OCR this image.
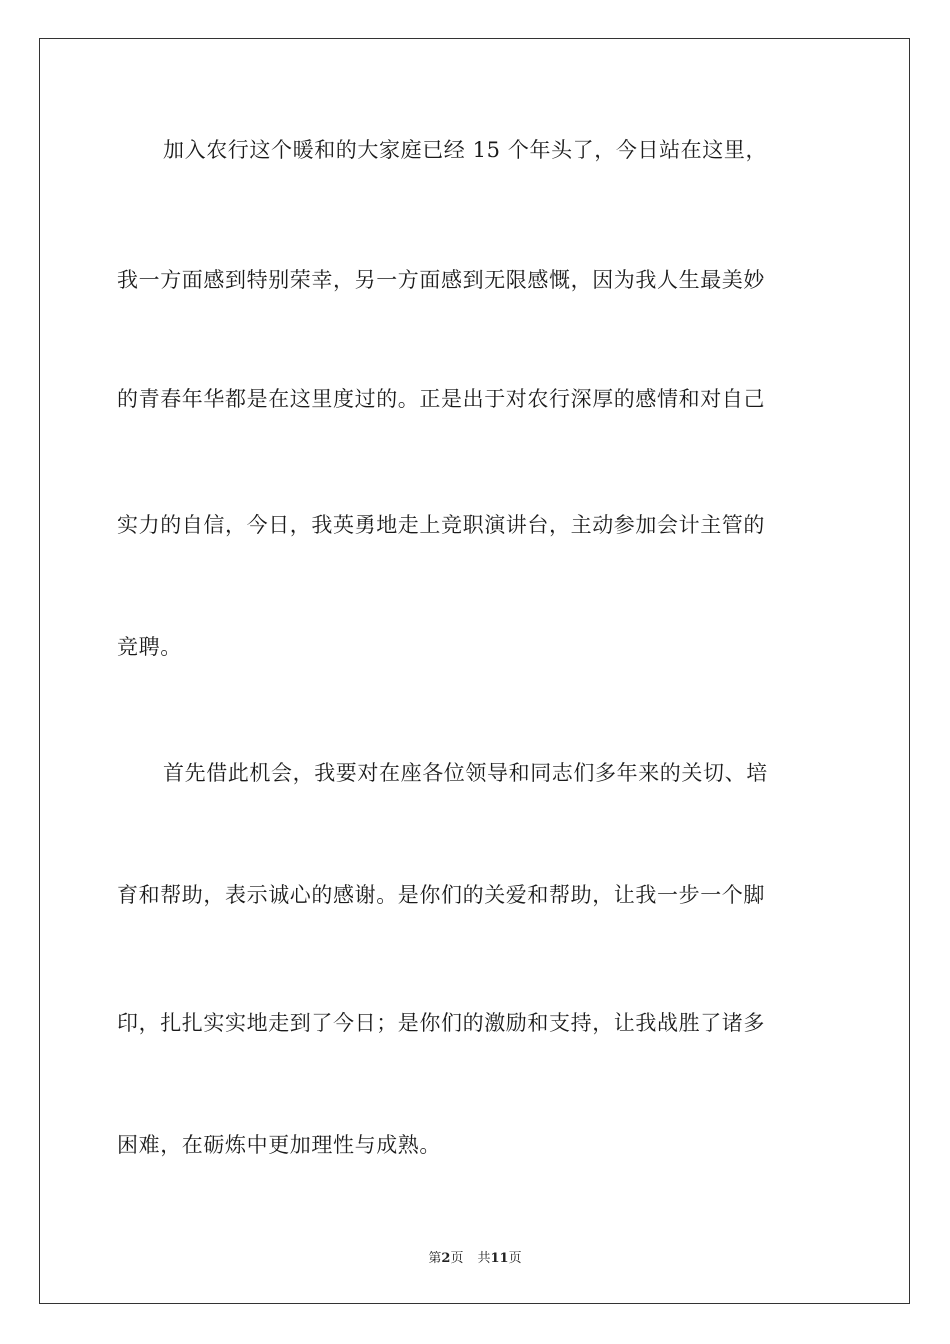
加入农行这个暖和的大家庭已经 15 个年头了，今日站在这里，
我一方面感到特别荣幸，另一方面感到无限感慨，因为我人生最美妙
的青春年华都是在这里度过的。正是出于对农行深厚的感情和对自己
实力的自信，今日，我英勇地走上竞职演讲台，主动参加会计主管的
竞聘。
首先借此机会，我要对在座各位领导和同志们多年来的关切、培
育和帮助，表示诚心的感谢。是你们的关爱和帮助，让我一步一个脚
印，扎扎实实地走到了今日；是你们的激励和支持，让我战胜了诸多
困难，在砺炼中更加理性与成熟。
第2页 共11页
